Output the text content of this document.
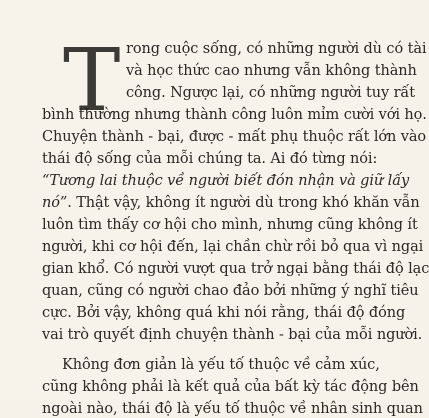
T rong cuộc sống, có những người dù có tài
và học thức cao nhưng vẫn không thành
công. Ngược lại, có những người tuy rất
bình thường nhưng thành công luôn mỉm cười với họ.
Chuyện thành - bại, được - mất phụ thuộc rất lớn vào
thái độ sống của mỗi chúng ta. Ai đó từng nói:
“Tương lai thuộc về người biết đón nhận và giữ lấy
nó”. Thật vậy, không ít người dù trong khó khăn vẫn
luôn tìm thấy cơ hội cho mình, nhưng cũng không ít
người, khi cơ hội đến, lại chần chừ rồi bỏ qua vì ngại
gian khổ. Có người vượt qua trở ngại bằng thái độ lạc
quan, cũng có người chao đảo bởi những ý nghĩ tiêu
cực. Bởi vậy, không quá khi nói rằng, thái độ đóng
vai trò quyết định chuyện thành - bại của mỗi người.
Không đơn giản là yếu tố thuộc về cảm xúc,
cũng không phải là kết quả của bất kỳ tác động bên
ngoài nào, thái độ là yếu tố thuộc về nhân sinh quan
